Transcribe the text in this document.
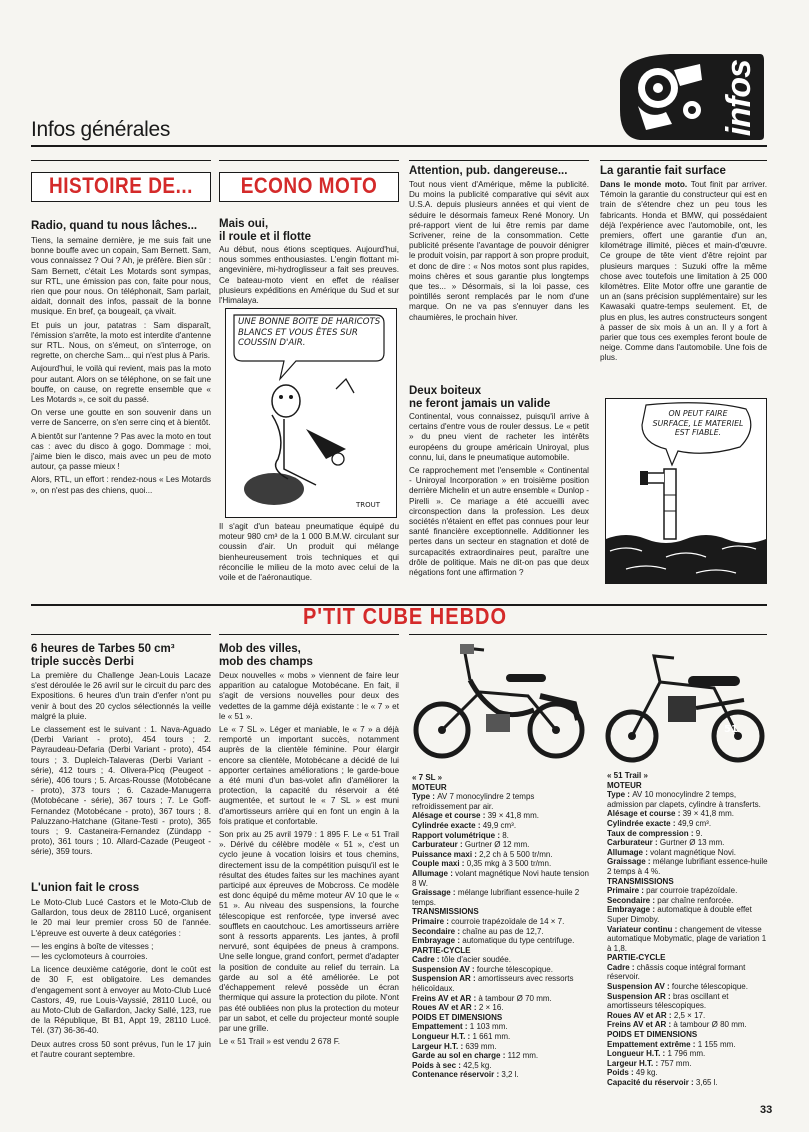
Infos générales	infos
HISTOIRE DE...
Radio, quand tu nous lâches...

Tiens, la semaine dernière, je me suis fait une bonne bouffe avec un copain, Sam Bernett. Sam, vous connaissez ? Oui ? Ah, je préfère. Bien sûr : Sam Bernett, c'était Les Motards sont sympas, sur RTL, une émission pas con, faite pour nous, rien que pour nous. On téléphonait, Sam parlait, aidait, donnait des infos, passait de la bonne musique. En bref, ça bougeait, ça vivait.

Et puis un jour, patatras : Sam disparaît, l'émission s'arrête, la moto est interdite d'antenne sur RTL. Nous, on s'émeut, on s'interroge, on regrette, on cherche Sam... qui n'est plus à Paris.

Aujourd'hui, le voilà qui revient, mais pas la moto pour autant. Alors on se téléphone, on se fait une bouffe, on cause, on regrette ensemble que « Les Motards », ce soit du passé.

On verse une goutte en son souvenir dans un verre de Sancerre, on s'en serre cinq et à bientôt.

A bientôt sur l'antenne ? Pas avec la moto en tout cas : avec du disco à gogo. Dommage : moi, j'aime bien le disco, mais avec un peu de moto autour, ça passe mieux !

Alors, RTL, un effort : rendez-nous « Les Motards », on n'est pas des chiens, quoi...

ECONO MOTO
Mais oui,
il roule et il flotte
Au début, nous étions sceptiques. Aujourd'hui, nous sommes enthousiastes. L'engin flottant mi-angevinière, mi-hydroglisseur a fait ses preuves. Ce bateau-moto vient en effet de réaliser plusieurs expéditions en Amérique du Sud et sur l'Himalaya.
UNE BONNE BOITE DE HARICOTS BLANCS ET VOUS ÊTES SUR COUSSIN D'AIR.
TROUT
Il s'agit d'un bateau pneumatique équipé du moteur 980 cm³ de la 1 000 B.M.W. circulant sur coussin d'air. Un produit qui mélange bienheureusement trois techniques et qui réconcilie le milieu de la moto avec celui de la voile et de l'aéronautique.
Attention, pub. dangereuse...
Tout nous vient d'Amérique, même la publicité. Du moins la publicité comparative qui sévit aux U.S.A. depuis plusieurs années et qui vient de séduire le désormais fameux René Monory. Un pré-rapport vient de lui être remis par dame Scrivener, reine de la consommation. Cette publicité présente l'avantage de pouvoir dénigrer le produit voisin, par rapport à son propre produit, et donc de dire : « Nos motos sont plus rapides, moins chères et sous garantie plus longtemps que tes... » Désormais, si la loi passe, ces pointillés seront remplacés par le nom d'une marque. On ne va pas s'ennuyer dans les chaumières, le prochain hiver.
Deux boiteux
ne feront jamais un valide

Continental, vous connaissez, puisqu'il arrive à certains d'entre vous de rouler dessus. Le « petit » du pneu vient de racheter les intérêts européens du groupe américain Uniroyal, plus connu, lui, dans le pneumatique automobile.

Ce rapprochement met l'ensemble « Continental - Uniroyal Incorporation » en troisième position derrière Michelin et un autre ensemble « Dunlop - Pirelli ». Ce mariage a été accueilli avec circonspection dans la profession. Les deux sociétés n'étaient en effet pas connues pour leur santé financière exceptionnelle. Additionner les pertes dans un secteur en stagnation et doté de surcapacités extraordinaires peut, paraître une drôle de politique. Mais ne dit-on pas que deux négations font une affirmation ?

La garantie fait surface
Dans le monde moto. Tout finit par arriver. Témoin la garantie du constructeur qui est en train de s'étendre chez un peu tous les fabricants. Honda et BMW, qui possédaient déjà l'expérience avec l'automobile, ont, les premiers, offert une garantie d'un an, kilométrage illimité, pièces et main-d'œuvre. Ce groupe de tête vient d'être rejoint par plusieurs marques : Suzuki offre la même chose avec toutefois une limitation à 25 000 kilomètres. Elite Motor offre une garantie de un an (sans précision supplémentaire) sur les Kawasaki quatre-temps seulement. Et, de plus en plus, les autres constructeurs songent à passer de six mois à un an. Il y a fort à parier que tous ces exemples feront boule de neige. Comme dans l'automobile. Une fois de plus.
ON PEUT FAIRE SURFACE, LE MATERIEL EST FIABLE.
P'TIT CUBE HEBDO
6 heures de Tarbes 50 cm³
triple succès Derbi

La première du Challenge Jean-Louis Lacaze s'est déroulée le 26 avril sur le circuit du parc des Expositions. 6 heures d'un train d'enfer n'ont pu venir à bout des 20 cyclos sélectionnés la veille malgré la pluie.

Le classement est le suivant : 1. Nava-Aguado (Derbi Variant - proto), 454 tours ; 2. Payraudeau-Defaria (Derbi Variant - proto), 454 tours ; 3. Dupleich-Talaveras (Derbi Variant - série), 412 tours ; 4. Olivera-Picq (Peugeot - série), 406 tours ; 5. Arcas-Rousse (Motobécane - proto), 373 tours ; 6. Cazade-Manugerra (Motobécane - série), 367 tours ; 7. Le Goff-Fernandez (Motobécane - proto), 367 tours ; 8. Paluzzano-Hatchane (Gitane-Testi - proto), 365 tours ; 9. Castaneira-Fernandez (Zündapp - proto), 361 tours ; 10. Allard-Cazade (Peugeot - série), 359 tours.

L'union fait le cross

Le Moto-Club Lucé Castors et le Moto-Club de Gallardon, tous deux de 28110 Lucé, organisent le 20 mai leur premier cross 50 de l'année. L'épreuve est ouverte à deux catégories :

— les engins à boîte de vitesses ;

— les cyclomoteurs à courroies.

La licence deuxième catégorie, dont le coût est de 30 F, est obligatoire. Les demandes d'engagement sont à envoyer au Moto-Club Lucé Castors, 49, rue Louis-Vayssié, 28110 Lucé, ou au Moto-Club de Gallardon, Jacky Sallé, 123, rue de la République, Bt B1, Appt 19, 28110 Lucé. Tél. (37) 36-36-40.

Deux autres cross 50 sont prévus, l'un le 17 juin et l'autre courant septembre.

Mob des villes,
mob des champs

Deux nouvelles « mobs » viennent de faire leur apparition au catalogue Motobécane. En fait, il s'agit de versions nouvelles pour deux des vedettes de la gamme déjà existante : le « 7 » et le « 51 ».

Le « 7 SL ». Léger et maniable, le « 7 » a déjà remporté un important succès, notamment auprès de la clientèle féminine. Pour élargir encore sa clientèle, Motobécane a décidé de lui apporter certaines améliorations ; le garde-boue a été muni d'un bas-volet afin d'améliorer la protection, la capacité du réservoir a été augmentée, et surtout le « 7 SL » est muni d'amortisseurs arrière qui en font un engin à la fois pratique et confortable.

Son prix au 25 avril 1979 : 1 895 F. Le « 51 Trail ». Dérivé du célèbre modèle « 51 », c'est un cyclo jeune à vocation loisirs et tous chemins, directement issu de la compétition puisqu'il est le résultat des études faites sur les machines ayant participé aux épreuves de Mobcross. Ce modèle est donc équipé du même moteur AV 10 que le « 51 ». Au niveau des suspensions, la fourche télescopique est renforcée, type inversé avec soufflets en caoutchouc. Les amortisseurs arrière sont à ressorts apparents. Les jantes, à profil nervuré, sont équipées de pneus à crampons. Une selle longue, grand confort, permet d'adapter la position de conduite au relief du terrain. La garde au sol a été améliorée. Le pot d'échappement relevé possède un écran thermique qui assure la protection du pilote. N'ont pas été oubliées non plus la protection du moteur par un sabot, et celle du projecteur monté souple par une grille.

Le « 51 Trail » est vendu 2 678 F.

51
« 7 SL »
MOTEUR
Type : AV 7 monocylindre 2 temps refroidissement par air.
Alésage et course : 39 × 41,8 mm.
Cylindrée exacte : 49,9 cm³.
Rapport volumétrique : 8.
Carburateur : Gurtner Ø 12 mm.
Puissance maxi : 2,2 ch à 5 500 tr/mn.
Couple maxi : 0,35 mkg à 3 500 tr/mn.
Allumage : volant magnétique Novi haute tension 8 W.
Graissage : mélange lubrifiant essence-huile 2 temps.
TRANSMISSIONS
Primaire : courroie trapézoïdale de 14 × 7.
Secondaire : chaîne au pas de 12,7.
Embrayage : automatique du type centrifuge.
PARTIE-CYCLE
Cadre : tôle d'acier soudée.
Suspension AV : fourche télescopique.
Suspension AR : amortisseurs avec ressorts hélicoïdaux.
Freins AV et AR : à tambour Ø 70 mm.
Roues AV et AR : 2 × 16.
POIDS ET DIMENSIONS
Empattement : 1 103 mm.
Longueur H.T. : 1 661 mm.
Largeur H.T. : 639 mm.
Garde au sol en charge : 112 mm.
Poids à sec : 42,5 kg.
Contenance réservoir : 3,2 l.
« 51 Trail »
MOTEUR
Type : AV 10 monocylindre 2 temps, admission par clapets, cylindre à transferts.
Alésage et course : 39 × 41,8 mm.
Cylindrée exacte : 49,9 cm³.
Taux de compression : 9.
Carburateur : Gurtner Ø 13 mm.
Allumage : volant magnétique Novi.
Graissage : mélange lubrifiant essence-huile 2 temps à 4 %.
TRANSMISSIONS
Primaire : par courroie trapézoïdale.
Secondaire : par chaîne renforcée.
Embrayage : automatique à double effet Super Dimoby.
Variateur continu : changement de vitesse automatique Mobymatic, plage de variation 1 à 1,8.
PARTIE-CYCLE
Cadre : châssis coque intégral formant réservoir.
Suspension AV : fourche télescopique.
Suspension AR : bras oscillant et amortisseurs télescopiques.
Roues AV et AR : 2,5 × 17.
Freins AV et AR : à tambour Ø 80 mm.
POIDS ET DIMENSIONS
Empattement extrême : 1 155 mm.
Longueur H.T. : 1 796 mm.
Largeur H.T. : 757 mm.
Poids : 49 kg.
Capacité du réservoir : 3,65 l.
33
